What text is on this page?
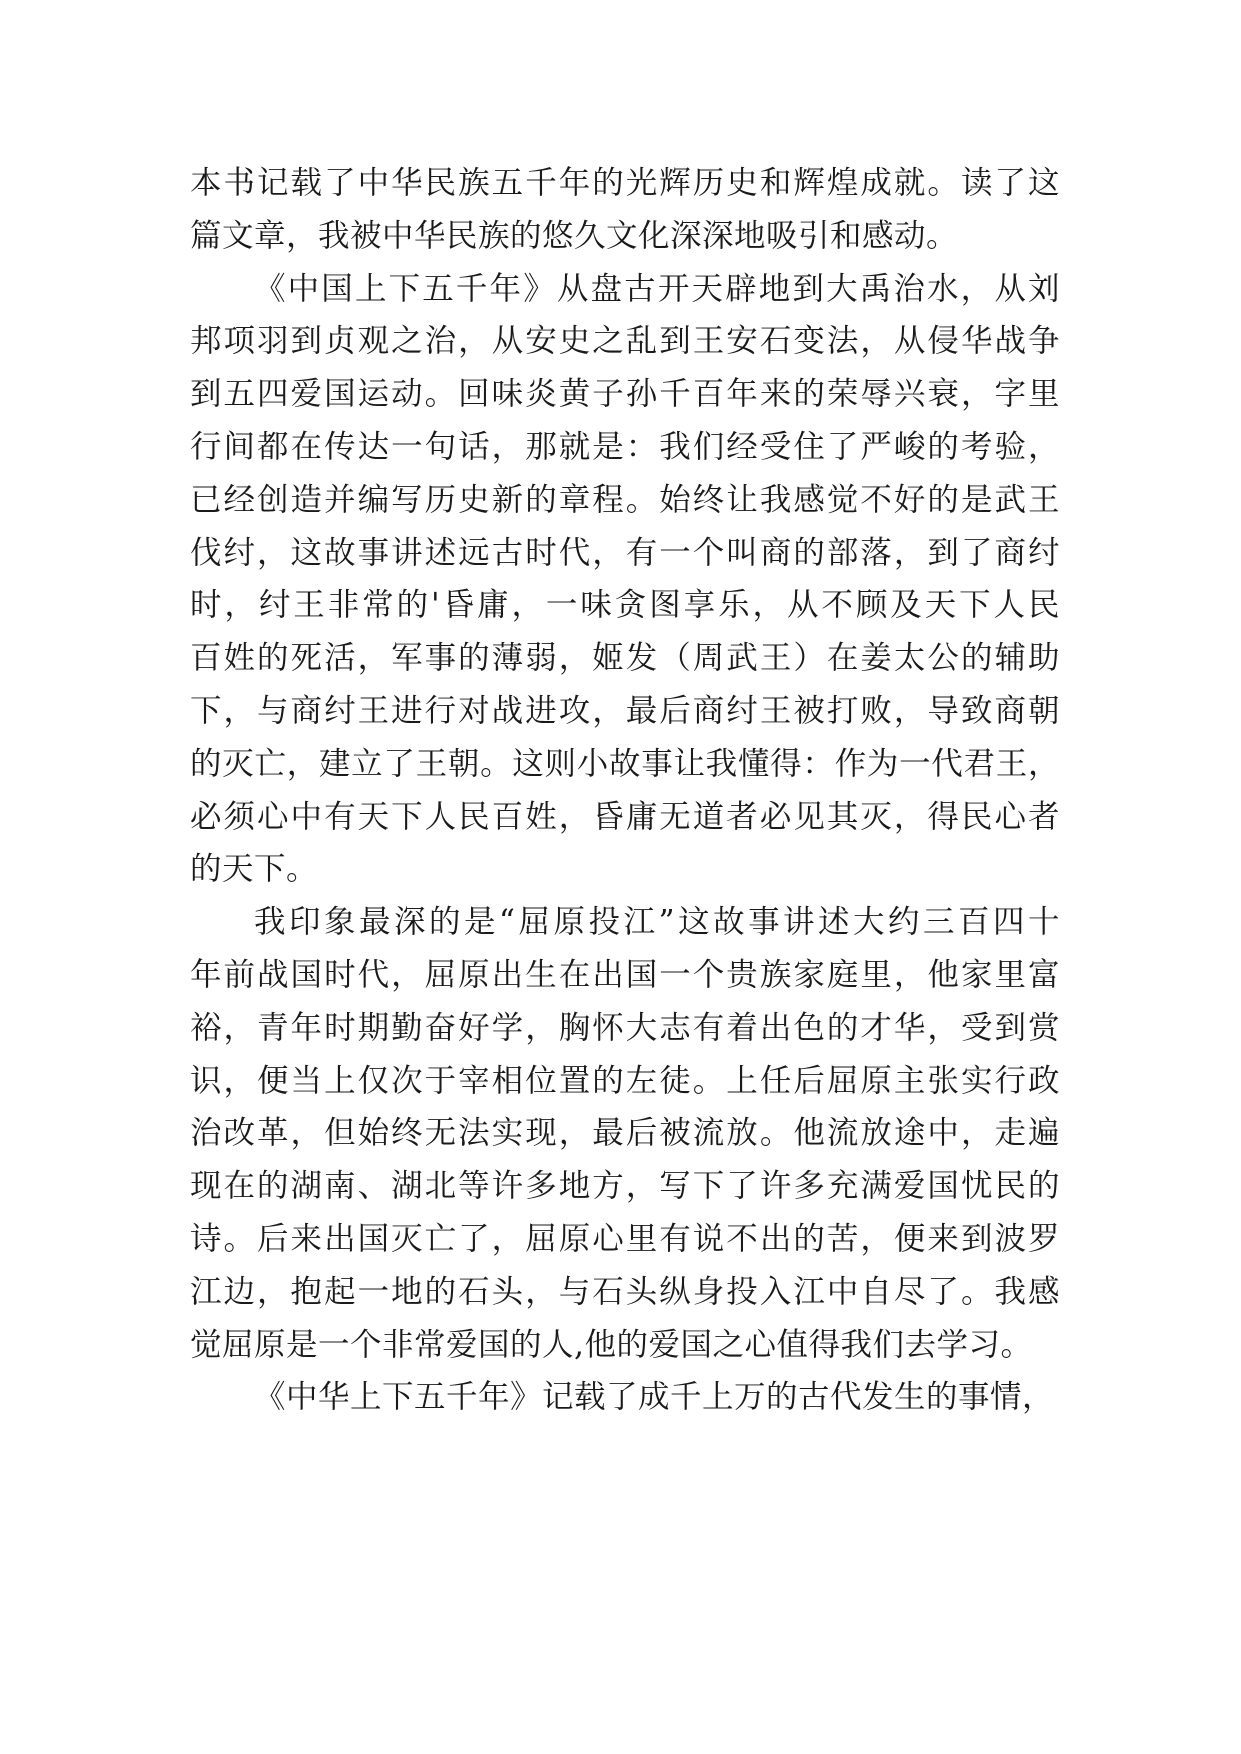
本书记载了中华民族五千年的光辉历史和辉煌成就。读了这
篇文章，我被中华民族的悠久文化深深地吸引和感动。
《中国上下五千年》从盘古开天辟地到大禹治水，从刘
邦项羽到贞观之治，从安史之乱到王安石变法，从侵华战争
到五四爱国运动。回味炎黄子孙千百年来的荣辱兴衰，字里
行间都在传达一句话，那就是：我们经受住了严峻的考验，
已经创造并编写历史新的章程。始终让我感觉不好的是武王
伐纣，这故事讲述远古时代，有一个叫商的部落，到了商纣
时，纣王非常的'昏庸，一味贪图享乐，从不顾及天下人民
百姓的死活，军事的薄弱，姬发（周武王）在姜太公的辅助
下，与商纣王进行对战进攻，最后商纣王被打败，导致商朝
的灭亡，建立了王朝。这则小故事让我懂得：作为一代君王，
必须心中有天下人民百姓，昏庸无道者必见其灭，得民心者
的天下。
我印象最深的是“屈原投江”这故事讲述大约三百四十
年前战国时代，屈原出生在出国一个贵族家庭里，他家里富
裕，青年时期勤奋好学，胸怀大志有着出色的才华，受到赏
识，便当上仅次于宰相位置的左徒。上任后屈原主张实行政
治改革，但始终无法实现，最后被流放。他流放途中，走遍
现在的湖南、湖北等许多地方，写下了许多充满爱国忧民的
诗。后来出国灭亡了，屈原心里有说不出的苦，便来到波罗
江边，抱起一地的石头，与石头纵身投入江中自尽了。我感
觉屈原是一个非常爱国的人,他的爱国之心值得我们去学习。
《中华上下五千年》记载了成千上万的古代发生的事情，
